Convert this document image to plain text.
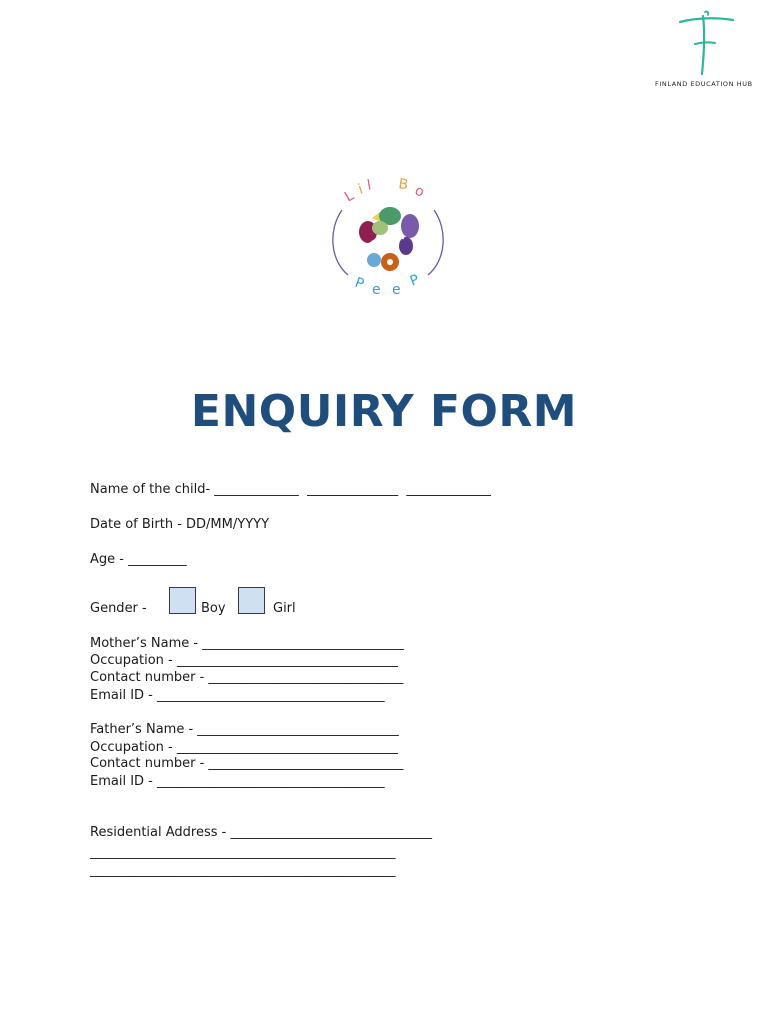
FINLAND EDUCATION HUB
L i l B o
P e e
P
ENQUIRY FORM
Name of the child- _____________  ______________  _____________
Date of Birth - DD/MM/YYYY
Age - _________
Gender -	Boy	Girl
Mother’s Name - _______________________________
Occupation - __________________________________
Contact number - ______________________________
Email ID - ___________________________________
Father’s Name - _______________________________
Occupation - __________________________________
Contact number - ______________________________
Email ID - ___________________________________
Residential Address - _______________________________
_______________________________________________
_______________________________________________
